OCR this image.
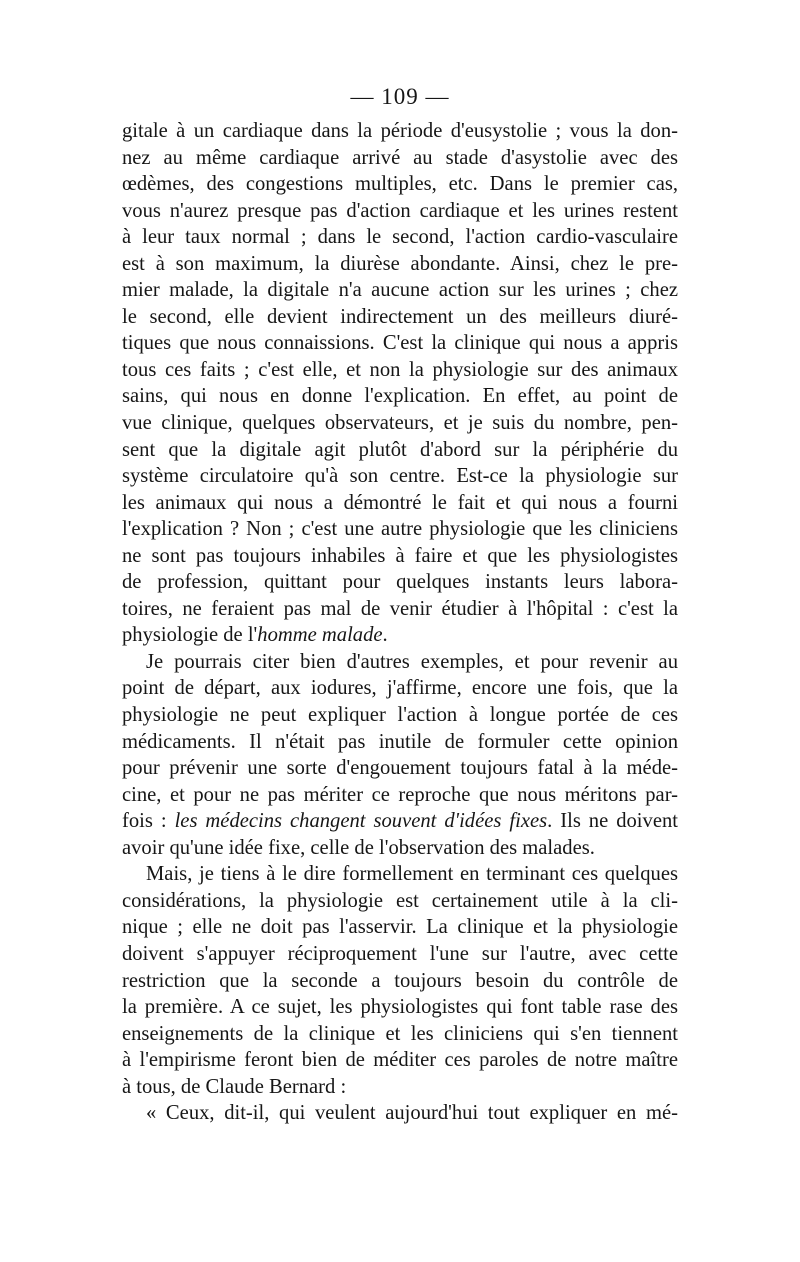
— 109 —
gitale à un cardiaque dans la période d'eusystolie ; vous la don-
nez au même cardiaque arrivé au stade d'asystolie avec des
œdèmes, des congestions multiples, etc. Dans le premier cas,
vous n'aurez presque pas d'action cardiaque et les urines restent
à leur taux normal ; dans le second, l'action cardio-vasculaire
est à son maximum, la diurèse abondante. Ainsi, chez le pre-
mier malade, la digitale n'a aucune action sur les urines ; chez
le second, elle devient indirectement un des meilleurs diuré-
tiques que nous connaissions. C'est la clinique qui nous a appris
tous ces faits ; c'est elle, et non la physiologie sur des animaux
sains, qui nous en donne l'explication. En effet, au point de
vue clinique, quelques observateurs, et je suis du nombre, pen-
sent que la digitale agit plutôt d'abord sur la périphérie du
système circulatoire qu'à son centre. Est-ce la physiologie sur
les animaux qui nous a démontré le fait et qui nous a fourni
l'explication ? Non ; c'est une autre physiologie que les cliniciens
ne sont pas toujours inhabiles à faire et que les physiologistes
de profession, quittant pour quelques instants leurs labora-
toires, ne feraient pas mal de venir étudier à l'hôpital : c'est la
physiologie de l'homme malade.
Je pourrais citer bien d'autres exemples, et pour revenir au
point de départ, aux iodures, j'affirme, encore une fois, que la
physiologie ne peut expliquer l'action à longue portée de ces
médicaments. Il n'était pas inutile de formuler cette opinion
pour prévenir une sorte d'engouement toujours fatal à la méde-
cine, et pour ne pas mériter ce reproche que nous méritons par-
fois : les médecins changent souvent d'idées fixes. Ils ne doivent
avoir qu'une idée fixe, celle de l'observation des malades.
Mais, je tiens à le dire formellement en terminant ces quelques
considérations, la physiologie est certainement utile à la cli-
nique ; elle ne doit pas l'asservir. La clinique et la physiologie
doivent s'appuyer réciproquement l'une sur l'autre, avec cette
restriction que la seconde a toujours besoin du contrôle de
la première. A ce sujet, les physiologistes qui font table rase des
enseignements de la clinique et les cliniciens qui s'en tiennent
à l'empirisme feront bien de méditer ces paroles de notre maître
à tous, de Claude Bernard :
« Ceux, dit-il, qui veulent aujourd'hui tout expliquer en mé-
